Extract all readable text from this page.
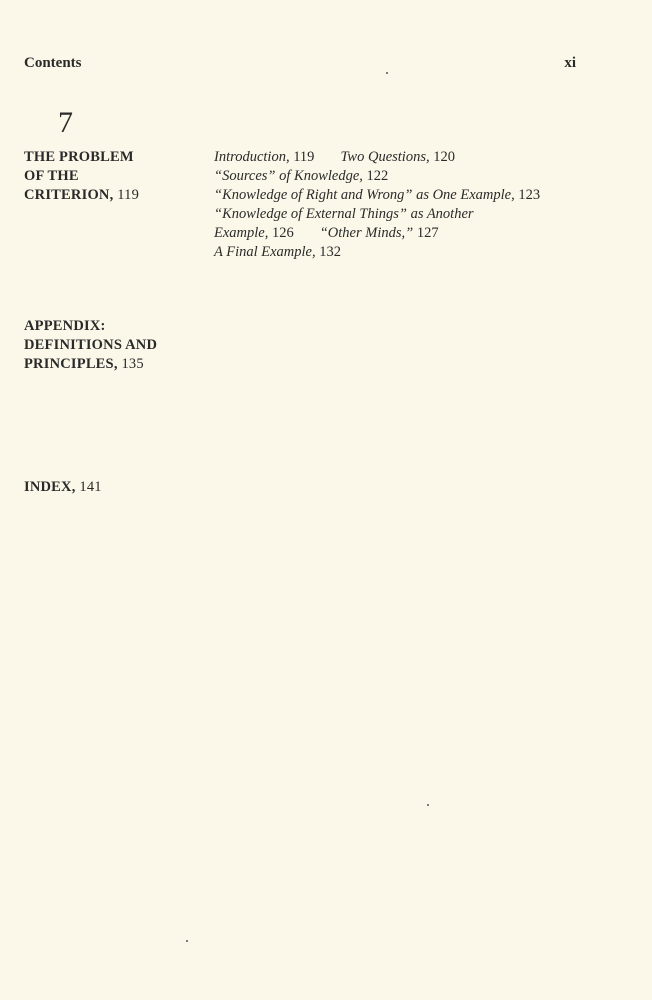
Contents	xi
7
THE PROBLEM
OF THE
CRITERION, 119
Introduction, 119 Two Questions, 120
“Sources” of Knowledge, 122
“Knowledge of Right and Wrong” as One Example, 123
“Knowledge of External Things” as Another
Example, 126 “Other Minds,” 127
A Final Example, 132
APPENDIX:
DEFINITIONS AND
PRINCIPLES, 135
INDEX, 141
